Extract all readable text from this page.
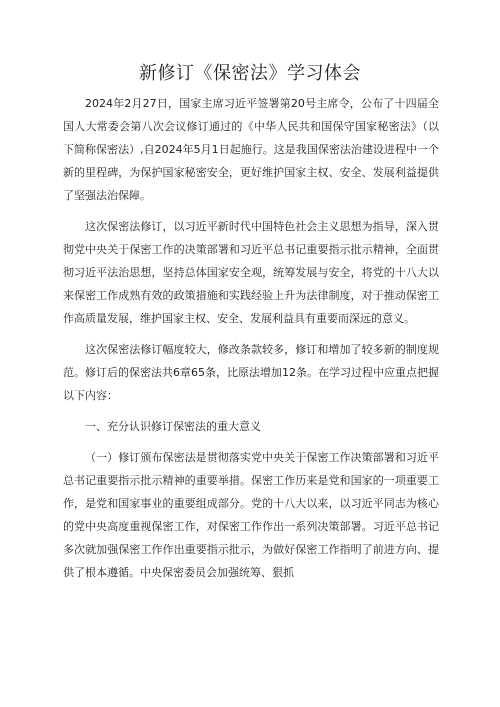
新修订《保密法》学习体会

2024年2月27日，国家主席习近平签署第20号主席令，公布了十四届全国人大常委会第八次会议修订通过的《中华人民共和国保守国家秘密法》（以下简称保密法）,自2024年5月1日起施行。这是我国保密法治建设进程中一个新的里程碑，为保护国家秘密安全，更好维护国家主权、安全、发展利益提供了坚强法治保障。

这次保密法修订，以习近平新时代中国特色社会主义思想为指导，深入贯彻党中央关于保密工作的决策部署和习近平总书记重要指示批示精神，全面贯彻习近平法治思想，坚持总体国家安全观，统筹发展与安全，将党的十八大以来保密工作成熟有效的政策措施和实践经验上升为法律制度，对于推动保密工作高质量发展，维护国家主权、安全、发展利益具有重要而深远的意义。

这次保密法修订幅度较大，修改条款较多，修订和增加了较多新的制度规范。修订后的保密法共6章65条，比原法增加12条。在学习过程中应重点把握以下内容：

一、充分认识修订保密法的重大意义

（一）修订颁布保密法是贯彻落实党中央关于保密工作决策部署和习近平总书记重要指示批示精神的重要举措。保密工作历来是党和国家的一项重要工作，是党和国家事业的重要组成部分。党的十八大以来，以习近平同志为核心的党中央高度重视保密工作，对保密工作作出一系列决策部署。习近平总书记多次就加强保密工作作出重要指示批示，为做好保密工作指明了前进方向、提供了根本遵循。中央保密委员会加强统筹、狠抓
